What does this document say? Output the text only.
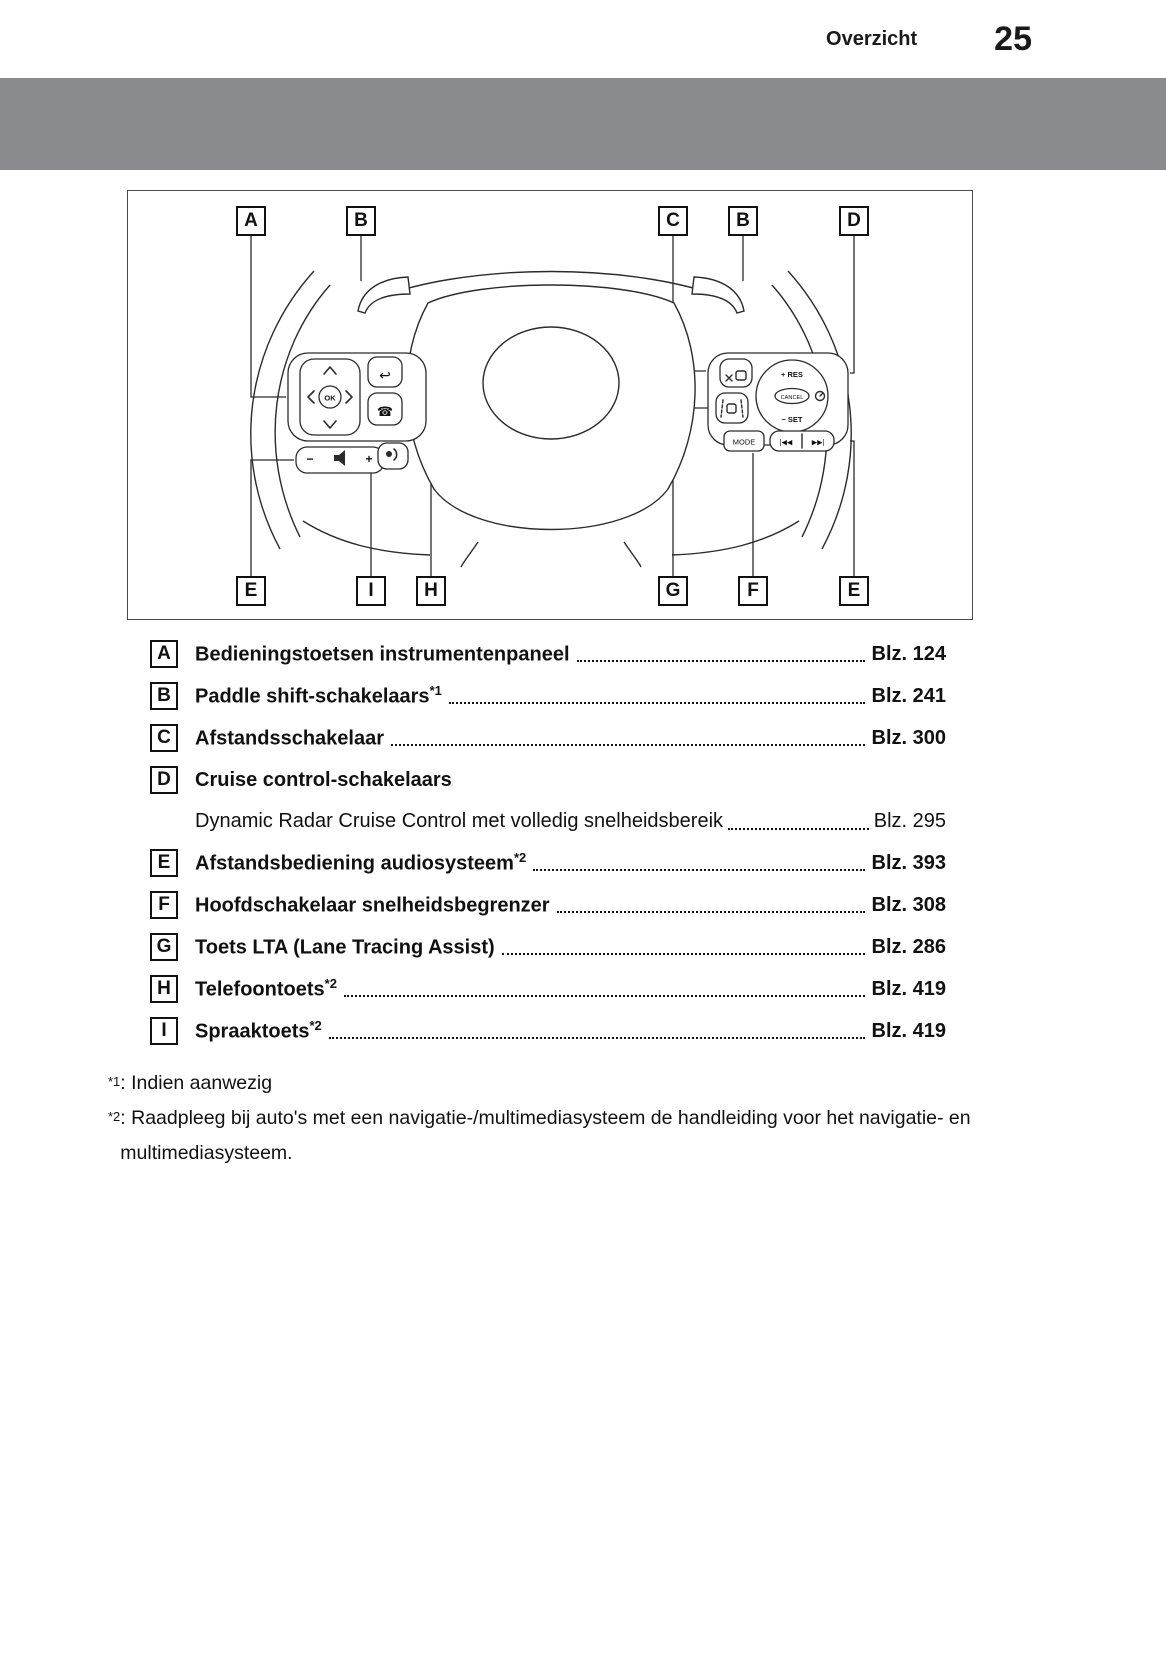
Overzicht 25
↩
☎
−	+
OK
+ RES
CANCEL
− SET
MODE	|◀◀	▶▶|
A	B	C	B	D
E	I	H	G	F	E
A	Bedieningstoetsen instrumentenpaneel	Blz. 124
B	Paddle shift-schakelaars$^{*1}$	Blz. 241
C	Afstandsschakelaar	Blz. 300
D	Cruise control-schakelaars
Dynamic Radar Cruise Control met volledig snelheidsbereik	Blz. 295
E	Afstandsbediening audiosysteem$^{*2}$	Blz. 393
F	Hoofdschakelaar snelheidsbegrenzer	Blz. 308
G	Toets LTA (Lane Tracing Assist)	Blz. 286
H	Telefoontoets$^{*2}$	Blz. 419
I	Spraaktoets$^{*2}$	Blz. 419
*1 : Indien aanwezig
*2 : Raadpleeg bij auto's met een navigatie-/multimediasysteem de handleiding voor het navigatie- en multimediasysteem.
